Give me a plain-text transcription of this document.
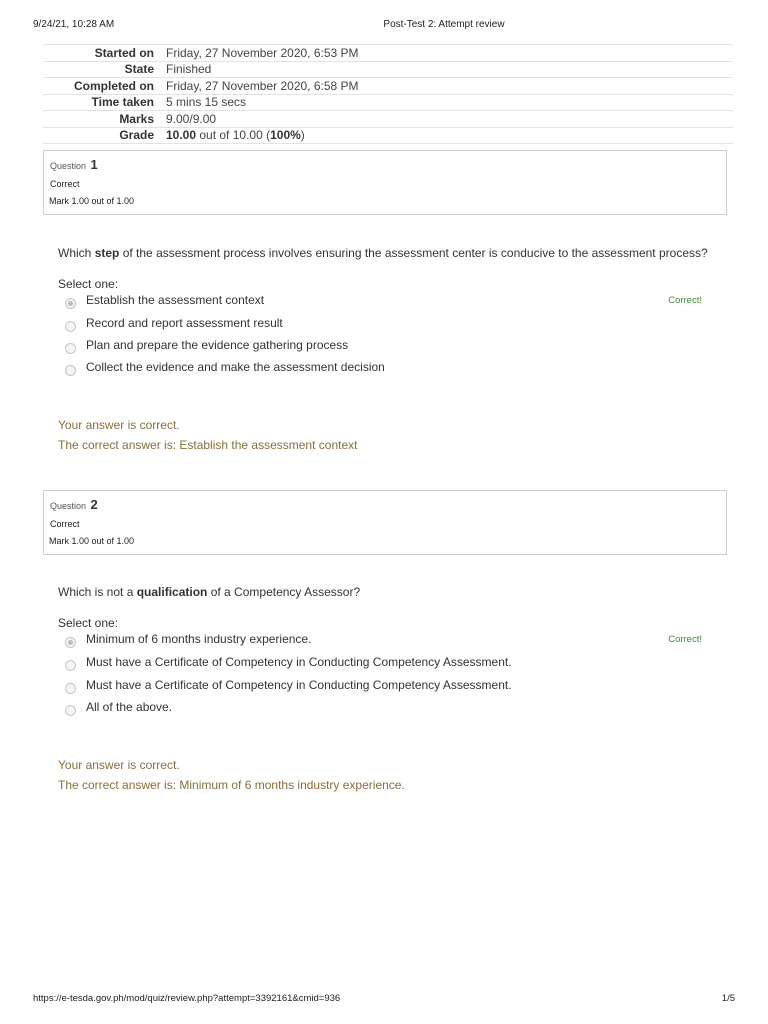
9/24/21, 10:28 AM	Post-Test 2: Attempt review
Started on	Friday, 27 November 2020, 6:53 PM
State	Finished
Completed on	Friday, 27 November 2020, 6:58 PM
Time taken	5 mins 15 secs
Marks	9.00/9.00
Grade	10.00 out of 10.00 (100%)
Question 1
Correct
Mark 1.00 out of 1.00
Which step of the assessment process involves ensuring the assessment center is conducive to the assessment process?
Select one:
Establish the assessment context	Correct!
Record and report assessment result
Plan and prepare the evidence gathering process
Collect the evidence and make the assessment decision
Your answer is correct.
The correct answer is: Establish the assessment context
Question 2
Correct
Mark 1.00 out of 1.00
Which is not a qualification of a Competency Assessor?
Select one:
Minimum of 6 months industry experience.	Correct!
Must have a Certificate of Competency in Conducting Competency Assessment.
Must have a Certificate of Competency in Conducting Competency Assessment.
All of the above.
Your answer is correct.
The correct answer is: Minimum of 6 months industry experience.
https://e-tesda.gov.ph/mod/quiz/review.php?attempt=3392161&cmid=936	1/5
